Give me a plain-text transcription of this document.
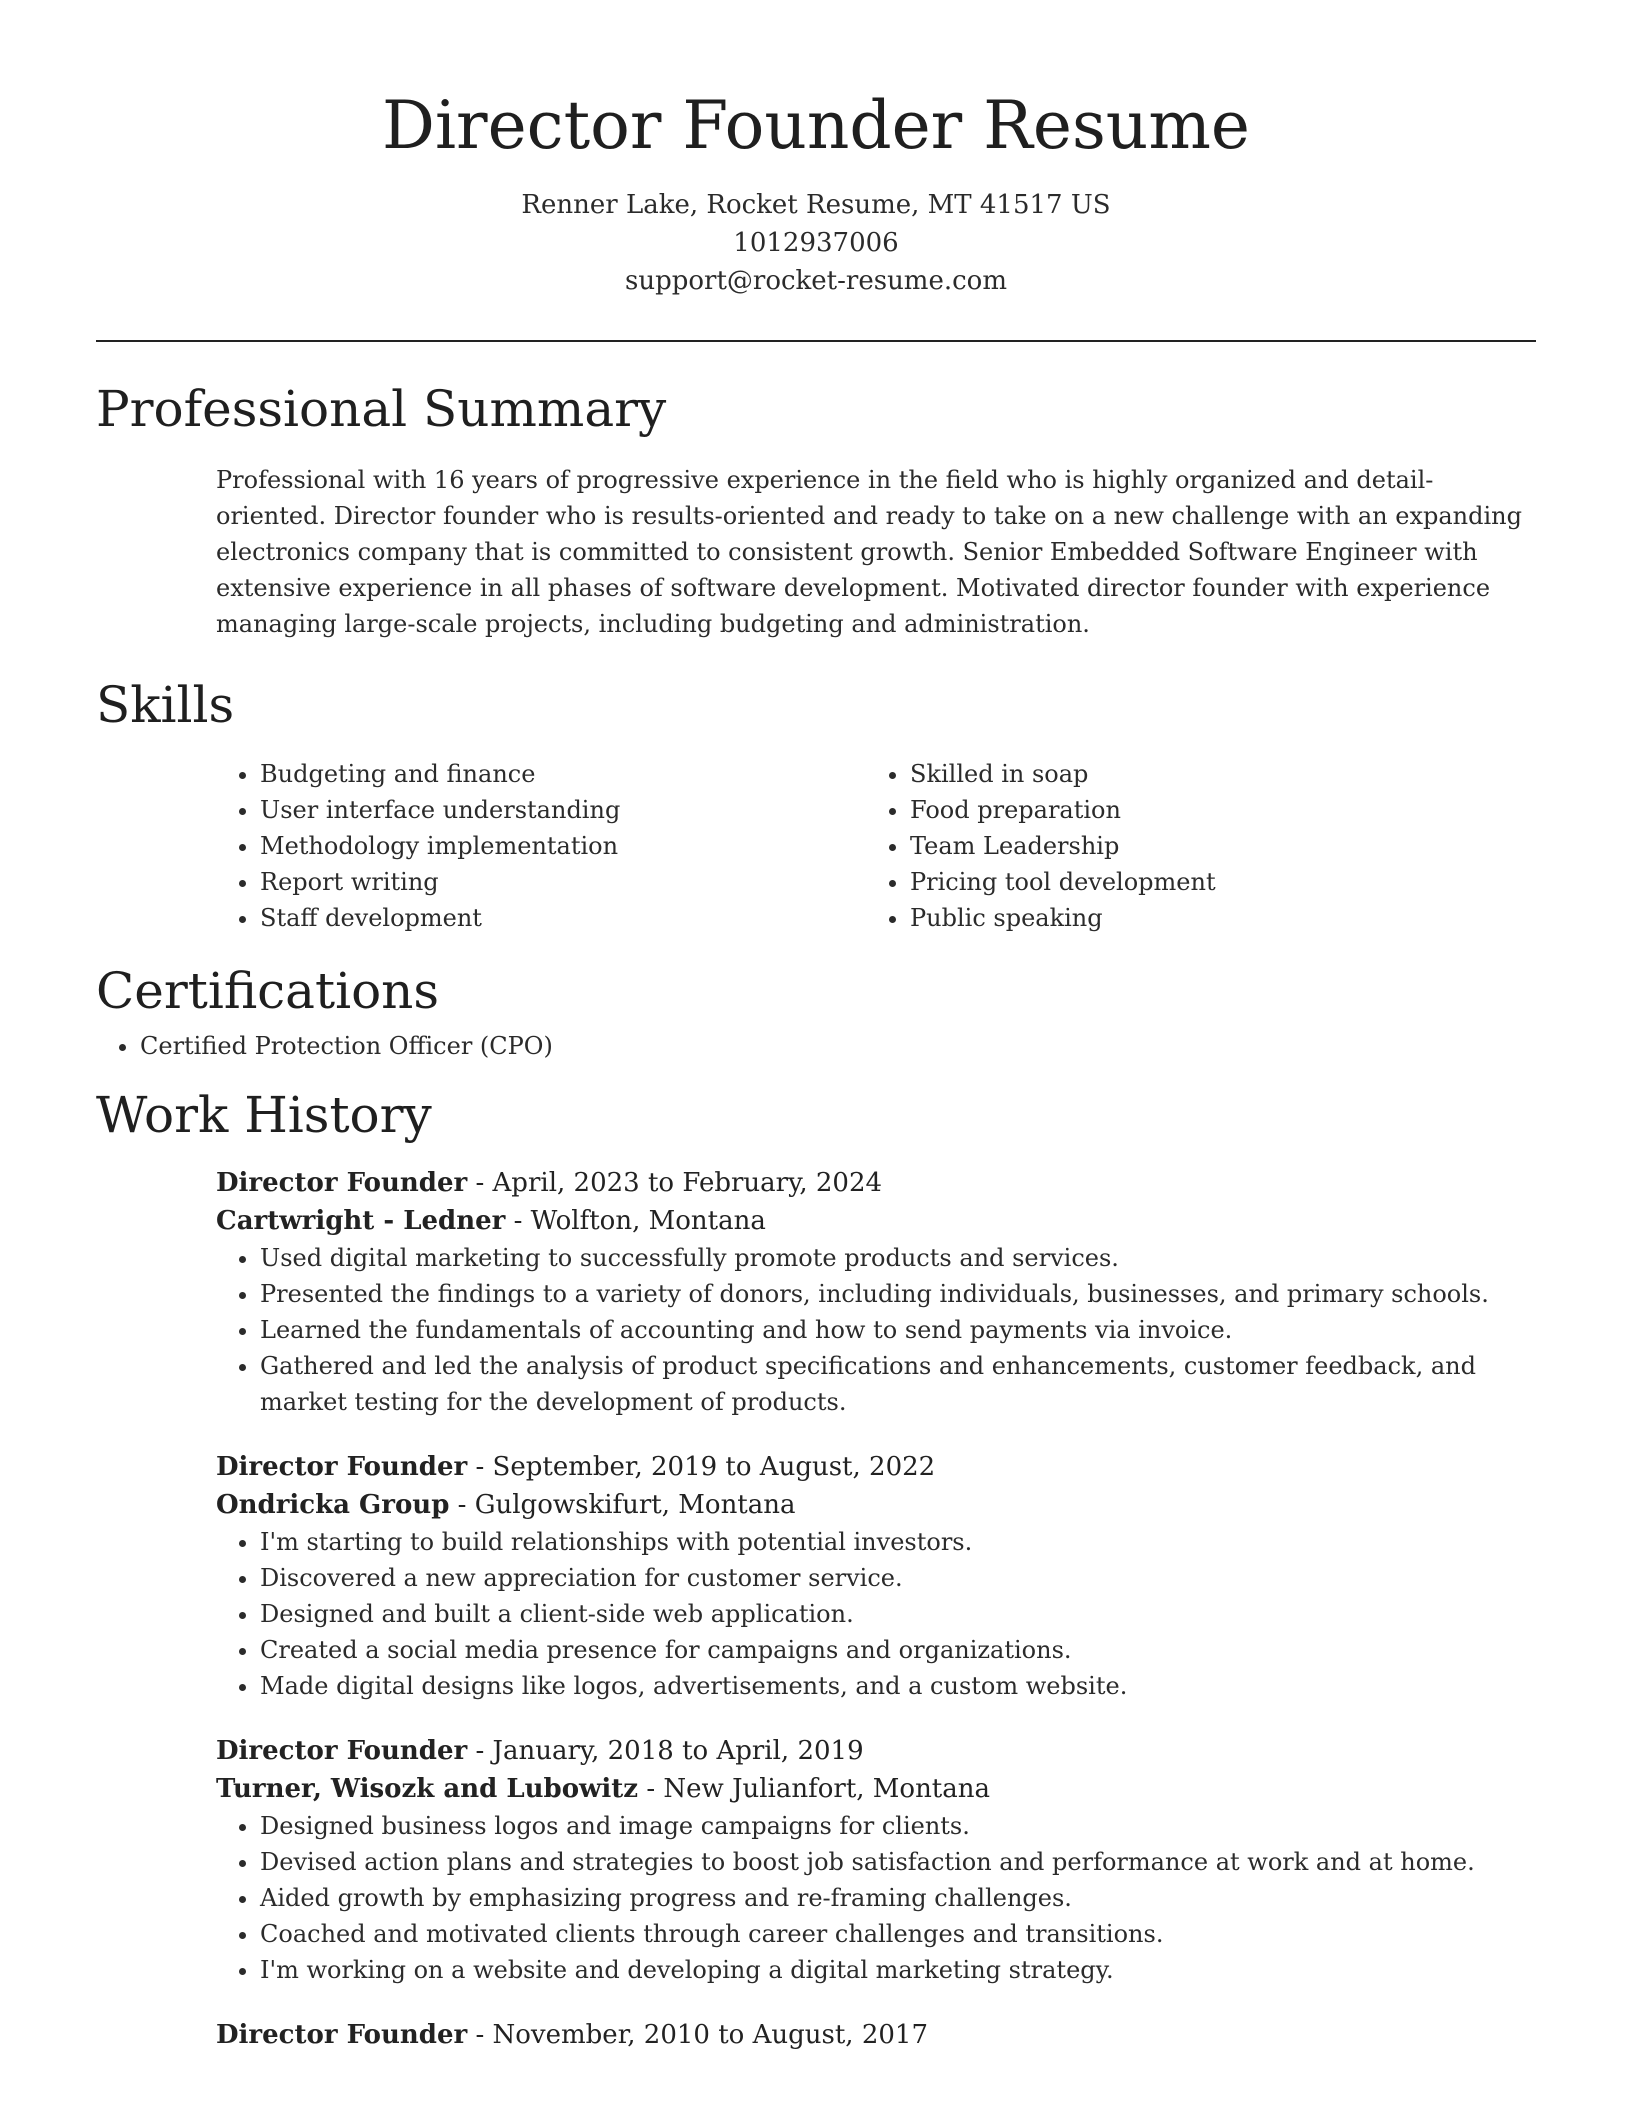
Director Founder Resume
Renner Lake, Rocket Resume, MT 41517 US
1012937006
support@rocket-resume.com
Professional Summary
Professional with 16 years of progressive experience in the field who is highly organized and detail-oriented. Director founder who is results-oriented and ready to take on a new challenge with an expanding electronics company that is committed to consistent growth. Senior Embedded Software Engineer with extensive experience in all phases of software development. Motivated director founder with experience managing large-scale projects, including budgeting and administration.
Skills
• Budgeting and finance
• User interface understanding
• Methodology implementation
• Report writing
• Staff development
• Skilled in soap
• Food preparation
• Team Leadership
• Pricing tool development
• Public speaking
Certifications
• Certified Protection Officer (CPO)
Work History
Director Founder - April, 2023 to February, 2024
Cartwright - Ledner - Wolfton, Montana
• Used digital marketing to successfully promote products and services.
• Presented the findings to a variety of donors, including individuals, businesses, and primary schools.
• Learned the fundamentals of accounting and how to send payments via invoice.
• Gathered and led the analysis of product specifications and enhancements, customer feedback, and market testing for the development of products.
Director Founder - September, 2019 to August, 2022
Ondricka Group - Gulgowskifurt, Montana
• I'm starting to build relationships with potential investors.
• Discovered a new appreciation for customer service.
• Designed and built a client-side web application.
• Created a social media presence for campaigns and organizations.
• Made digital designs like logos, advertisements, and a custom website.
Director Founder - January, 2018 to April, 2019
Turner, Wisozk and Lubowitz - New Julianfort, Montana
• Designed business logos and image campaigns for clients.
• Devised action plans and strategies to boost job satisfaction and performance at work and at home.
• Aided growth by emphasizing progress and re-framing challenges.
• Coached and motivated clients through career challenges and transitions.
• I'm working on a website and developing a digital marketing strategy.
Director Founder - November, 2010 to August, 2017
